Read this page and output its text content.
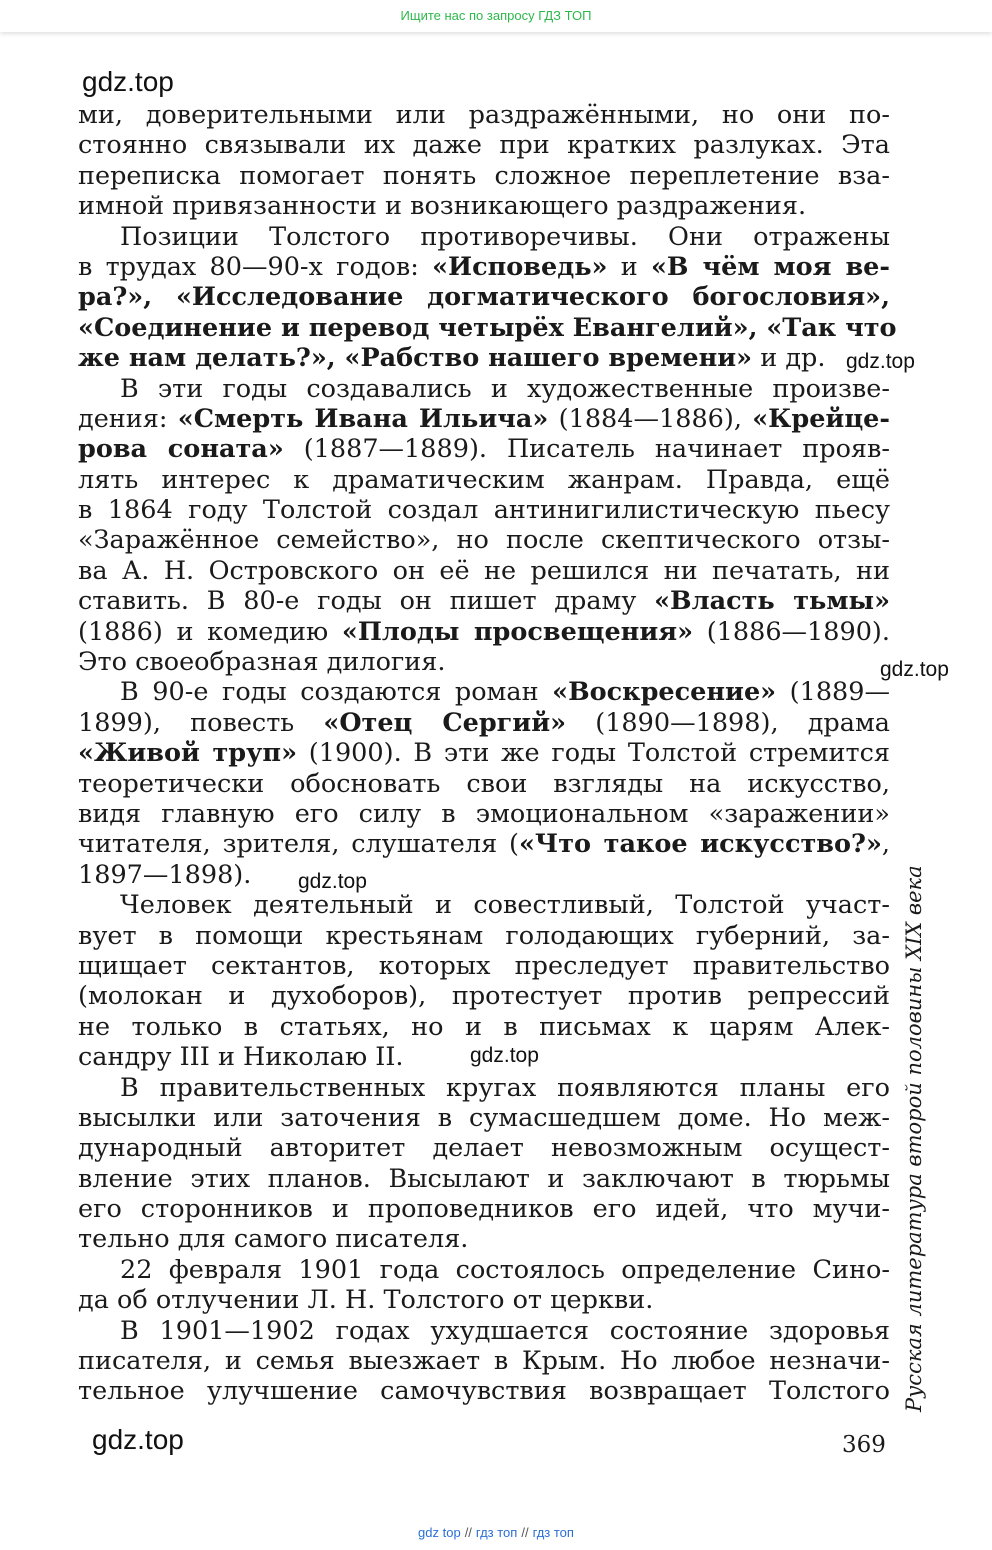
Ищите нас по запросу ГДЗ ТОП
gdz.top
gdz.top
gdz.top
gdz.top
gdz.top
gdz.top
ми, доверительными или раздражёнными, но они по-
стоянно связывали их даже при кратких разлуках. Эта
переписка помогает понять сложное переплетение вза-
имной привязанности и возникающего раздражения.
Позиции Толстого противоречивы. Они отражены
в трудах 80—90-х годов: «Исповедь» и «В чём моя ве-
ра?», «Исследование догматического богословия»,
«Соединение и перевод четырёх Евангелий», «Так что
же нам делать?», «Рабство нашего времени» и др.
В эти годы создавались и художественные произве-
дения: «Смерть Ивана Ильича» (1884—1886), «Крейце-
рова соната» (1887—1889). Писатель начинает прояв-
лять интерес к драматическим жанрам. Правда, ещё
в 1864 году Толстой создал антинигилистическую пьесу
«Заражённое семейство», но после скептического отзы-
ва А. Н. Островского он её не решился ни печатать, ни
ставить. В 80-е годы он пишет драму «Власть тьмы»
(1886) и комедию «Плоды просвещения» (1886—1890).
Это своеобразная дилогия.
В 90-е годы создаются роман «Воскресение» (1889—
1899), повесть «Отец Сергий» (1890—1898), драма
«Живой труп» (1900). В эти же годы Толстой стремится
теоретически обосновать свои взгляды на искусство,
видя главную его силу в эмоциональном «заражении»
читателя, зрителя, слушателя («Что такое искусство?»,
1897—1898).
Человек деятельный и совестливый, Толстой участ-
вует в помощи крестьянам голодающих губерний, за-
щищает сектантов, которых преследует правительство
(молокан и духоборов), протестует против репрессий
не только в статьях, но и в письмах к царям Алек-
сандру III и Николаю II.
В правительственных кругах появляются планы его
высылки или заточения в сумасшедшем доме. Но меж-
дународный авторитет делает невозможным осущест-
вление этих планов. Высылают и заключают в тюрьмы
его сторонников и проповедников его идей, что мучи-
тельно для самого писателя.
22 февраля 1901 года состоялось определение Сино-
да об отлучении Л. Н. Толстого от церкви.
В 1901—1902 годах ухудшается состояние здоровья
писателя, и семья выезжает в Крым. Но любое незначи-
тельное улучшение самочувствия возвращает Толстого Русская литература второй половины XIX века
369
gdz top // гдз топ // гдз топ
